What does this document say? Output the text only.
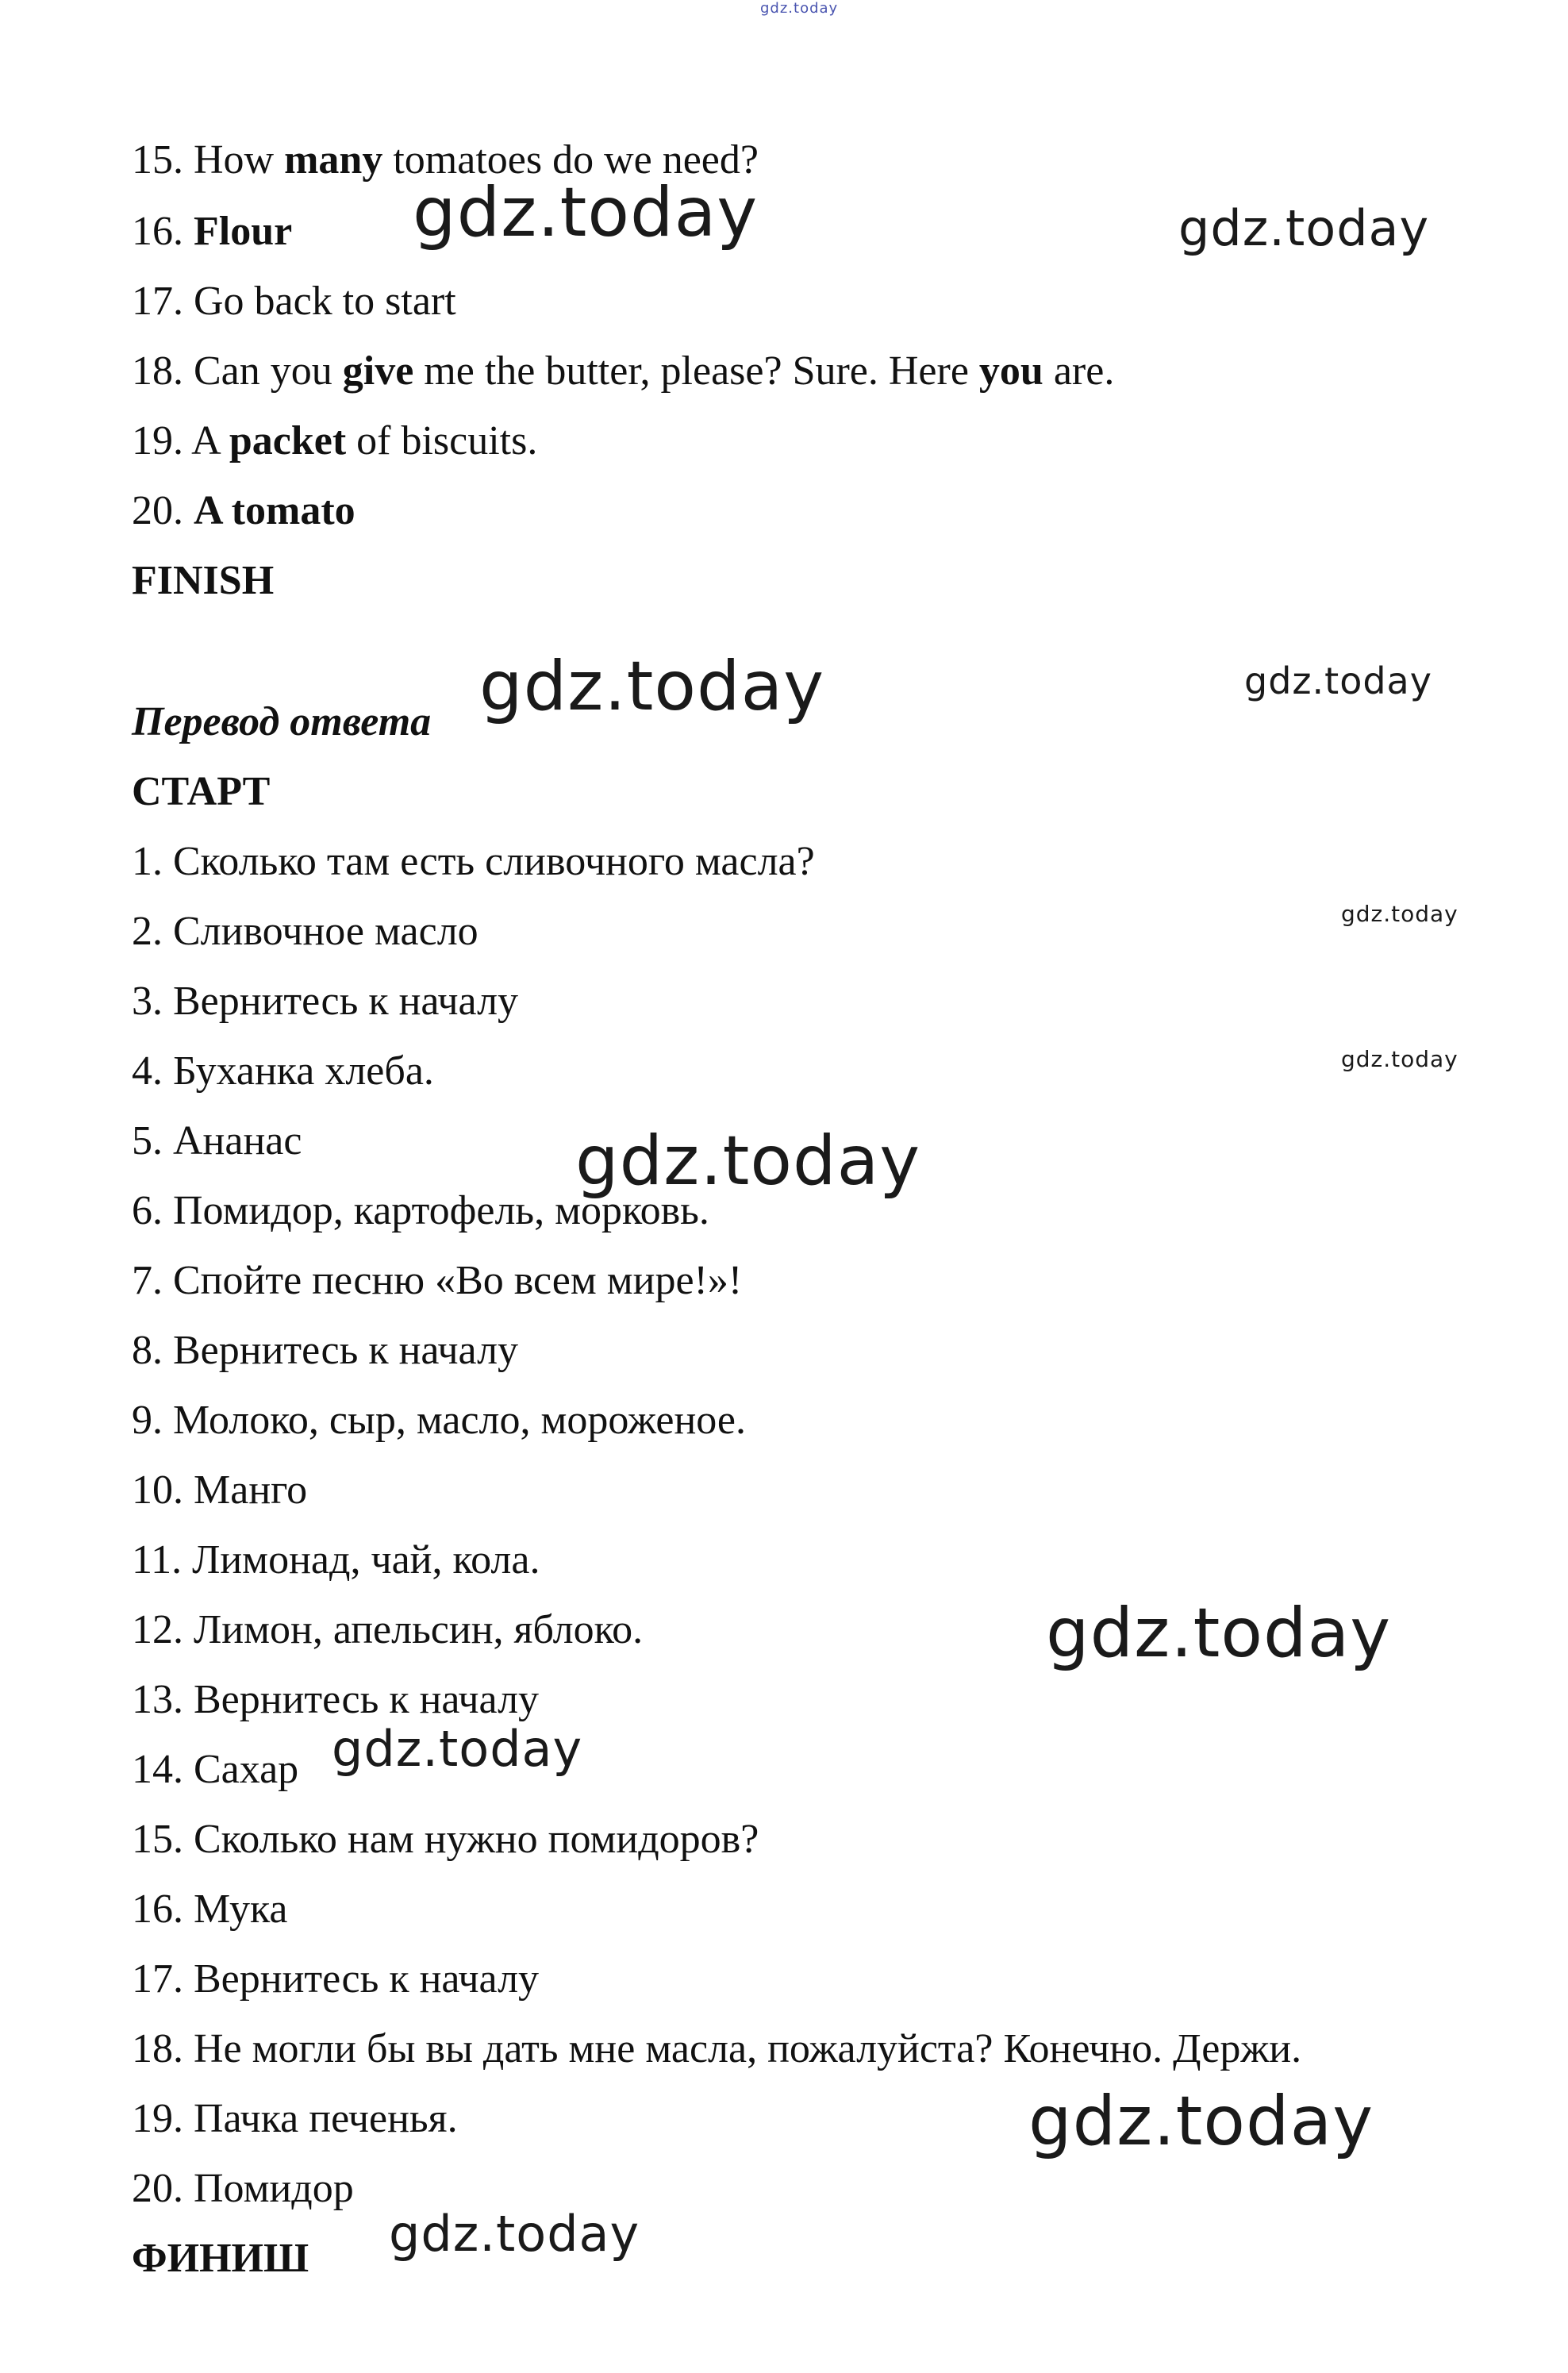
gdz.today

15. How many tomatoes do we need?

16. Flour

17. Go back to start

18. Can you give me the butter, please? Sure. Here you are.

19. A packet of biscuits.

20. A tomato

FINISH

Перевод ответа

СТАРТ

1. Сколько там есть сливочного масла?

2. Сливочное масло

3. Вернитесь к началу

4. Буханка хлеба.

5. Ананас

6. Помидор, картофель, морковь.

7. Спойте песню «Во всем мире!»!

8. Вернитесь к началу

9. Молоко, сыр, масло, мороженое.

10. Манго

11. Лимонад, чай, кола.

12. Лимон, апельсин, яблоко.

13. Вернитесь к началу

14. Сахар

15. Сколько нам нужно помидоров?

16. Мука

17. Вернитесь к началу

18. Не могли бы вы дать мне масла, пожалуйста? Конечно. Держи.

19. Пачка печенья.

20. Помидор

ФИНИШ

gdz.today	gdz.today
gdz.today	gdz.today
gdz.today
gdz.today
gdz.today
gdz.today
gdz.today
gdz.today
gdz.today
